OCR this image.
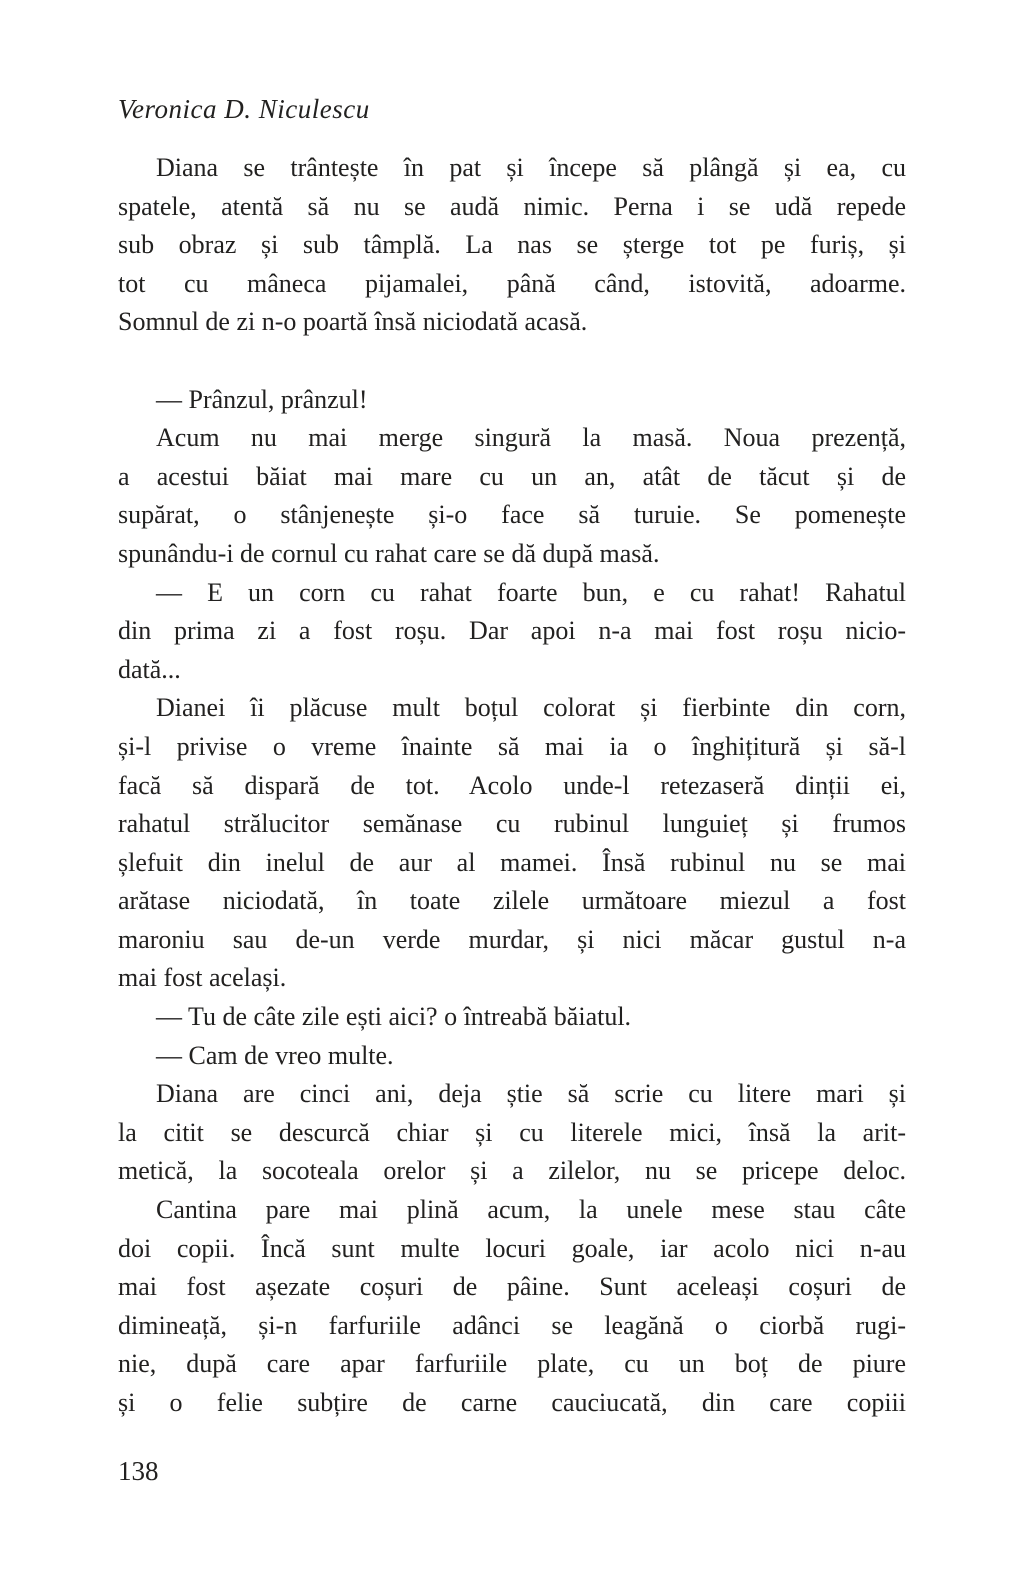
Veronica D. Niculescu
Diana se trântește în pat și începe să plângă și ea, cu
spatele, atentă să nu se audă nimic. Perna i se udă repede
sub obraz și sub tâmplă. La nas se șterge tot pe furiș, și
tot cu mâneca pijamalei, până când, istovită, adoarme.
Somnul de zi n-o poartă însă niciodată acasă.
— Prânzul, prânzul!
Acum nu mai merge singură la masă. Noua prezență,
a acestui băiat mai mare cu un an, atât de tăcut și de
supărat, o stânjenește și-o face să turuie. Se pomenește
spunându-i de cornul cu rahat care se dă după masă.
— E un corn cu rahat foarte bun, e cu rahat! Rahatul
din prima zi a fost roșu. Dar apoi n-a mai fost roșu nicio-
dată...
Dianei îi plăcuse mult boțul colorat și fierbinte din corn,
și-l privise o vreme înainte să mai ia o înghițitură și să-l
facă să dispară de tot. Acolo unde-l retezaseră dinții ei,
rahatul strălucitor semănase cu rubinul lunguieț și frumos
șlefuit din inelul de aur al mamei. Însă rubinul nu se mai
arătase niciodată, în toate zilele următoare miezul a fost
maroniu sau de-un verde murdar, și nici măcar gustul n-a
mai fost același.
— Tu de câte zile ești aici? o întreabă băiatul.
— Cam de vreo multe.
Diana are cinci ani, deja știe să scrie cu litere mari și
la citit se descurcă chiar și cu literele mici, însă la arit-
metică, la socoteala orelor și a zilelor, nu se pricepe deloc.
Cantina pare mai plină acum, la unele mese stau câte
doi copii. Încă sunt multe locuri goale, iar acolo nici n-au
mai fost așezate coșuri de pâine. Sunt aceleași coșuri de
dimineață, și-n farfuriile adânci se leagănă o ciorbă rugi-
nie, după care apar farfuriile plate, cu un boț de piure
și o felie subțire de carne cauciucată, din care copiii
138
